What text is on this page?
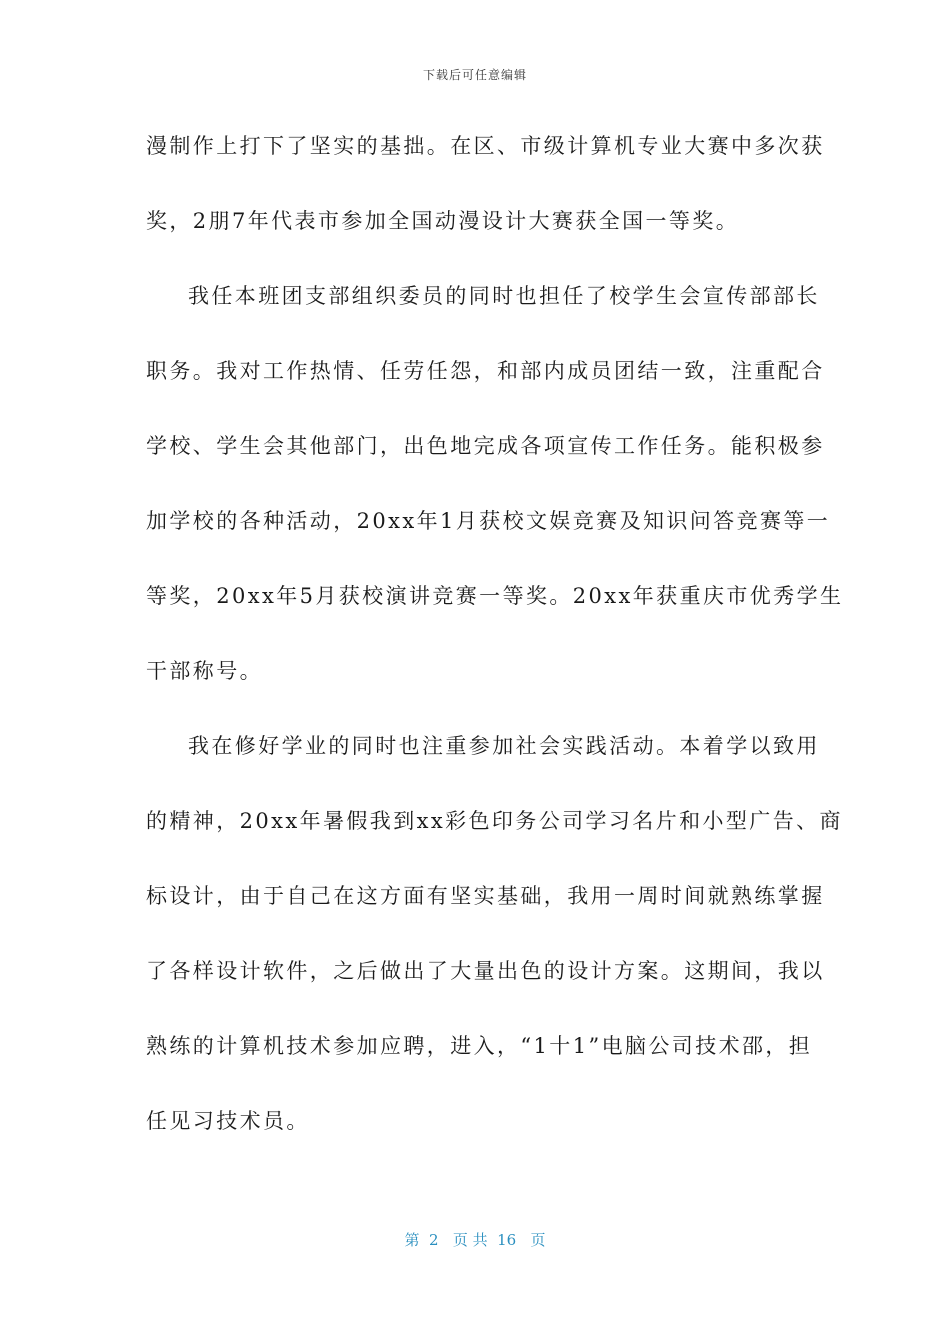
下载后可任意编辑
漫制作上打下了坚实的基拙。在区、市级计算机专业大赛中多次获
奖，2朋7年代表市参加全国动漫设计大赛获全国一等奖。
我任本班团支部组织委员的同时也担任了校学生会宣传部部长
职务。我对工作热情、任劳任怨，和部内成员团结一致，注重配合
学校、学生会其他部门，出色地完成各项宣传工作任务。能积极参
加学校的各种活动，20xx年1月获校文娱竞赛及知识问答竞赛等一
等奖，20xx年5月获校演讲竞赛一等奖。20xx年获重庆市优秀学生
干部称号。
我在修好学业的同时也注重参加社会实践活动。本着学以致用
的精神，20xx年暑假我到xx彩色印务公司学习名片和小型广告、商
标设计，由于自己在这方面有坚实基础，我用一周时间就熟练掌握
了各样设计软件，之后做出了大量出色的设计方案。这期间，我以
熟练的计算机技术参加应聘，进入，“1十1”电脑公司技术邵，担
任见习技术员。
第  2   页 共  16   页
